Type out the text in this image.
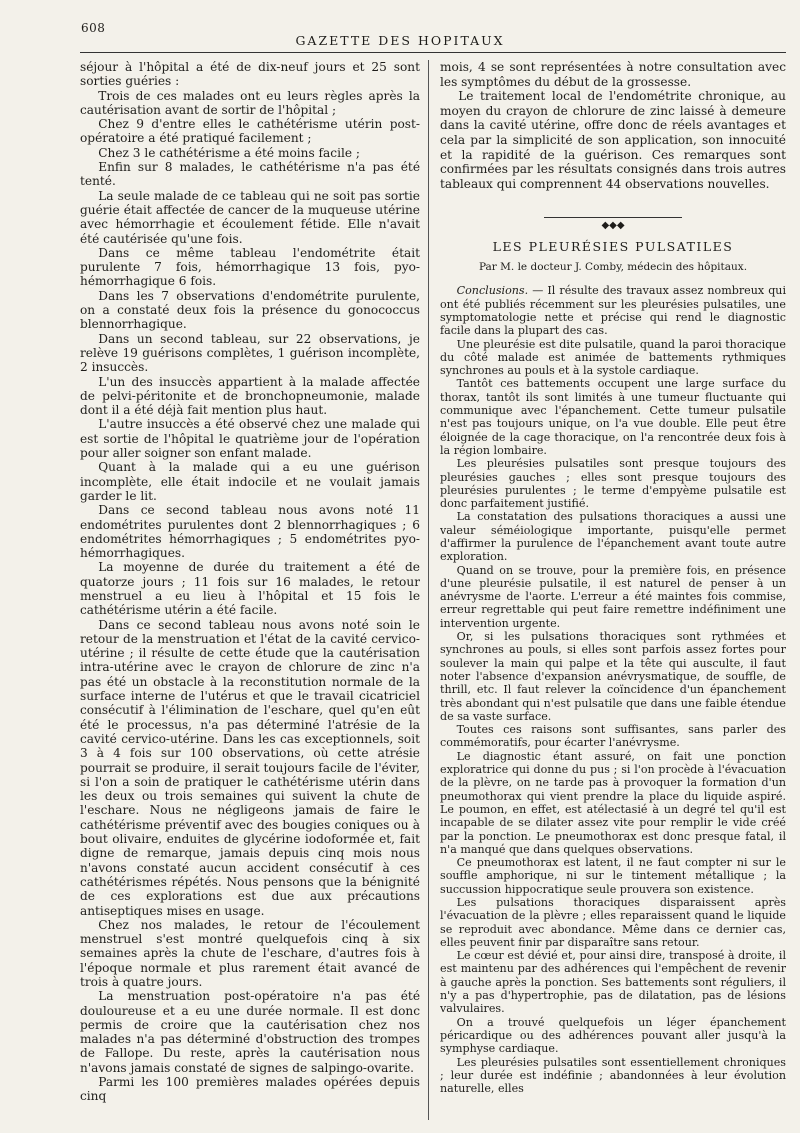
608
GAZETTE DES HOPITAUX

séjour à l'hôpital a été de dix-neuf jours et 25 sont sorties guéries :

Trois de ces malades ont eu leurs règles après la cautérisation avant de sortir de l'hôpital ;

Chez 9 d'entre elles le cathétérisme utérin post-opératoire a été pratiqué facilement ;

Chez 3 le cathétérisme a été moins facile ;

Enfin sur 8 malades, le cathétérisme n'a pas été tenté.

La seule malade de ce tableau qui ne soit pas sortie guérie était affectée de cancer de la muqueuse utérine avec hémorrhagie et écoulement fétide. Elle n'avait été cautérisée qu'une fois.

Dans ce même tableau l'endométrite était purulente 7 fois, hémorrhagique 13 fois, pyo-hémorrhagique 6 fois.

Dans les 7 observations d'endométrite purulente, on a constaté deux fois la présence du gonococcus blennorrhagique.

Dans un second tableau, sur 22 observations, je relève 19 guérisons complètes, 1 guérison incomplète, 2 insuccès.

L'un des insuccès appartient à la malade affectée de pelvi-péritonite et de bronchopneumonie, malade dont il a été déjà fait mention plus haut.

L'autre insuccès a été observé chez une malade qui est sortie de l'hôpital le quatrième jour de l'opération pour aller soigner son enfant malade.

Quant à la malade qui a eu une guérison incomplète, elle était indocile et ne voulait jamais garder le lit.

Dans ce second tableau nous avons noté 11 endométrites purulentes dont 2 blennorrhagiques ; 6 endométrites hémorrhagiques ; 5 endométrites pyo-hémorrhagiques.

La moyenne de durée du traitement a été de quatorze jours ; 11 fois sur 16 malades, le retour menstruel a eu lieu à l'hôpital et 15 fois le cathétérisme utérin a été facile.

Dans ce second tableau nous avons noté soin le retour de la menstruation et l'état de la cavité cervico-utérine ; il résulte de cette étude que la cautérisation intra-utérine avec le crayon de chlorure de zinc n'a pas été un obstacle à la reconstitution normale de la surface interne de l'utérus et que le travail cicatriciel consécutif à l'élimination de l'eschare, quel qu'en eût été le processus, n'a pas déterminé l'atrésie de la cavité cervico-utérine. Dans les cas exceptionnels, soit 3 à 4 fois sur 100 observations, où cette atrésie pourrait se produire, il serait toujours facile de l'éviter, si l'on a soin de pratiquer le cathétérisme utérin dans les deux ou trois semaines qui suivent la chute de l'eschare. Nous ne négligeons jamais de faire le cathétérisme préventif avec des bougies coniques ou à bout olivaire, enduites de glycérine iodoformée et, fait digne de remarque, jamais depuis cinq mois nous n'avons constaté aucun accident consécutif à ces cathétérismes répétés. Nous pensons que la bénignité de ces explorations est due aux précautions antiseptiques mises en usage.

Chez nos malades, le retour de l'écoulement menstruel s'est montré quelquefois cinq à six semaines après la chute de l'eschare, d'autres fois à l'époque normale et plus rarement était avancé de trois à quatre jours.

La menstruation post-opératoire n'a pas été douloureuse et a eu une durée normale. Il est donc permis de croire que la cautérisation chez nos malades n'a pas déterminé d'obstruction des trompes de Fallope. Du reste, après la cautérisation nous n'avons jamais constaté de signes de salpingo-ovarite.

Parmi les 100 premières malades opérées depuis cinq

mois, 4 se sont représentées à notre consultation avec les symptômes du début de la grossesse.

Le traitement local de l'endométrite chronique, au moyen du crayon de chlorure de zinc laissé à demeure dans la cavité utérine, offre donc de réels avantages et cela par la simplicité de son application, son innocuité et la rapidité de la guérison. Ces remarques sont confirmées par les résultats consignés dans trois autres tableaux qui comprennent 44 observations nouvelles.

◆◆◆
LES PLEURÉSIES PULSATILES
Par M. le docteur J. Comby, médecin des hôpitaux.

Conclusions. — Il résulte des travaux assez nombreux qui ont été publiés récemment sur les pleurésies pulsatiles, une symptomatologie nette et précise qui rend le diagnostic facile dans la plupart des cas.

Une pleurésie est dite pulsatile, quand la paroi thoracique du côté malade est animée de battements rythmiques synchrones au pouls et à la systole cardiaque.

Tantôt ces battements occupent une large surface du thorax, tantôt ils sont limités à une tumeur fluctuante qui communique avec l'épanchement. Cette tumeur pulsatile n'est pas toujours unique, on l'a vue double. Elle peut être éloignée de la cage thoracique, on l'a rencontrée deux fois à la région lombaire.

Les pleurésies pulsatiles sont presque toujours des pleurésies gauches ; elles sont presque toujours des pleurésies purulentes ; le terme d'empyème pulsatile est donc parfaitement justifié.

La constatation des pulsations thoraciques a aussi une valeur séméiologique importante, puisqu'elle permet d'affirmer la purulence de l'épanchement avant toute autre exploration.

Quand on se trouve, pour la première fois, en présence d'une pleurésie pulsatile, il est naturel de penser à un anévrysme de l'aorte. L'erreur a été maintes fois commise, erreur regrettable qui peut faire remettre indéfiniment une intervention urgente.

Or, si les pulsations thoraciques sont rythmées et synchrones au pouls, si elles sont parfois assez fortes pour soulever la main qui palpe et la tête qui ausculte, il faut noter l'absence d'expansion anévrysmatique, de souffle, de thrill, etc. Il faut relever la coïncidence d'un épanchement très abondant qui n'est pulsatile que dans une faible étendue de sa vaste surface.

Toutes ces raisons sont suffisantes, sans parler des commémoratifs, pour écarter l'anévrysme.

Le diagnostic étant assuré, on fait une ponction exploratrice qui donne du pus ; si l'on procède à l'évacuation de la plèvre, on ne tarde pas à provoquer la formation d'un pneumothorax qui vient prendre la place du liquide aspiré. Le poumon, en effet, est atélectasié à un degré tel qu'il est incapable de se dilater assez vite pour remplir le vide créé par la ponction. Le pneumothorax est donc presque fatal, il n'a manqué que dans quelques observations.

Ce pneumothorax est latent, il ne faut compter ni sur le souffle amphorique, ni sur le tintement métallique ; la succussion hippocratique seule prouvera son existence.

Les pulsations thoraciques disparaissent après l'évacuation de la plèvre ; elles reparaissent quand le liquide se reproduit avec abondance. Même dans ce dernier cas, elles peuvent finir par disparaître sans retour.

Le cœur est dévié et, pour ainsi dire, transposé à droite, il est maintenu par des adhérences qui l'empêchent de revenir à gauche après la ponction. Ses battements sont réguliers, il n'y a pas d'hypertrophie, pas de dilatation, pas de lésions valvulaires.

On a trouvé quelquefois un léger épanchement péricardique ou des adhérences pouvant aller jusqu'à la symphyse cardiaque.

Les pleurésies pulsatiles sont essentiellement chroniques ; leur durée est indéfinie ; abandonnées à leur évolution naturelle, elles
